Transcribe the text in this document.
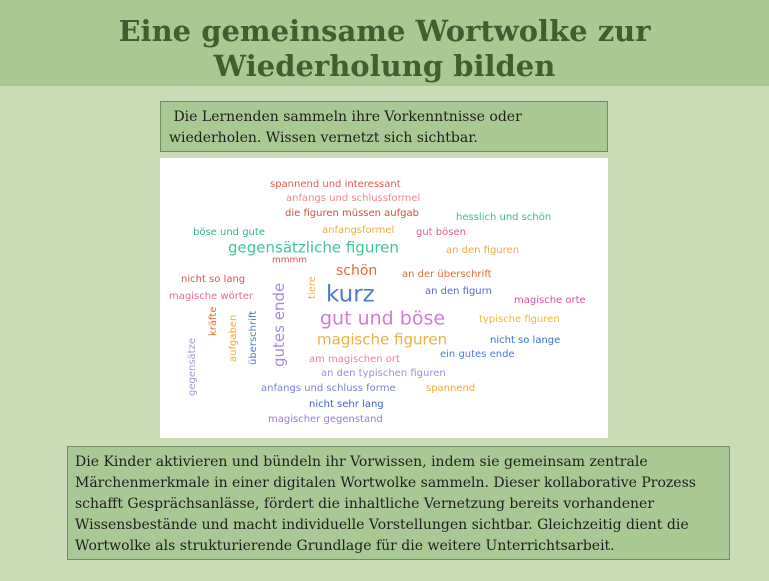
Eine gemeinsame Wortwolke zur
Wiederholung bilden
Die Lernenden sammeln ihre Vorkenntnisse oder
wiederholen. Wissen vernetzt sich sichtbar.
spannend und interessant
anfangs und schlussformel
die figuren müssen aufgab	hesslich und schön
böse und gute	anfangsformel gut bösen
gegensätzliche figuren	an den figuren
mmmm
schön an der überschrift
nicht so lang
kurz	an den figurn
magische wörter	magische orte
gut und böse	typische figuren
magische figuren	nicht so lange
am magischen ort	ein gutes ende
an den typischen figuren
anfangs und schluss forme	spannend
nicht sehr lang
magischer gegenstand
gegensätze
kräfte aufgaben überschrift gutes ende tiere
Die Kinder aktivieren und bündeln ihr Vorwissen, indem sie gemeinsam zentrale Märchenmerkmale in einer digitalen Wortwolke sammeln. Dieser kollaborative Prozess schafft Gesprächsanlässe, fördert die inhaltliche Vernetzung bereits vorhandener Wissensbestände und macht individuelle Vorstellungen sichtbar. Gleichzeitig dient die Wortwolke als strukturierende Grundlage für die weitere Unterrichtsarbeit.
